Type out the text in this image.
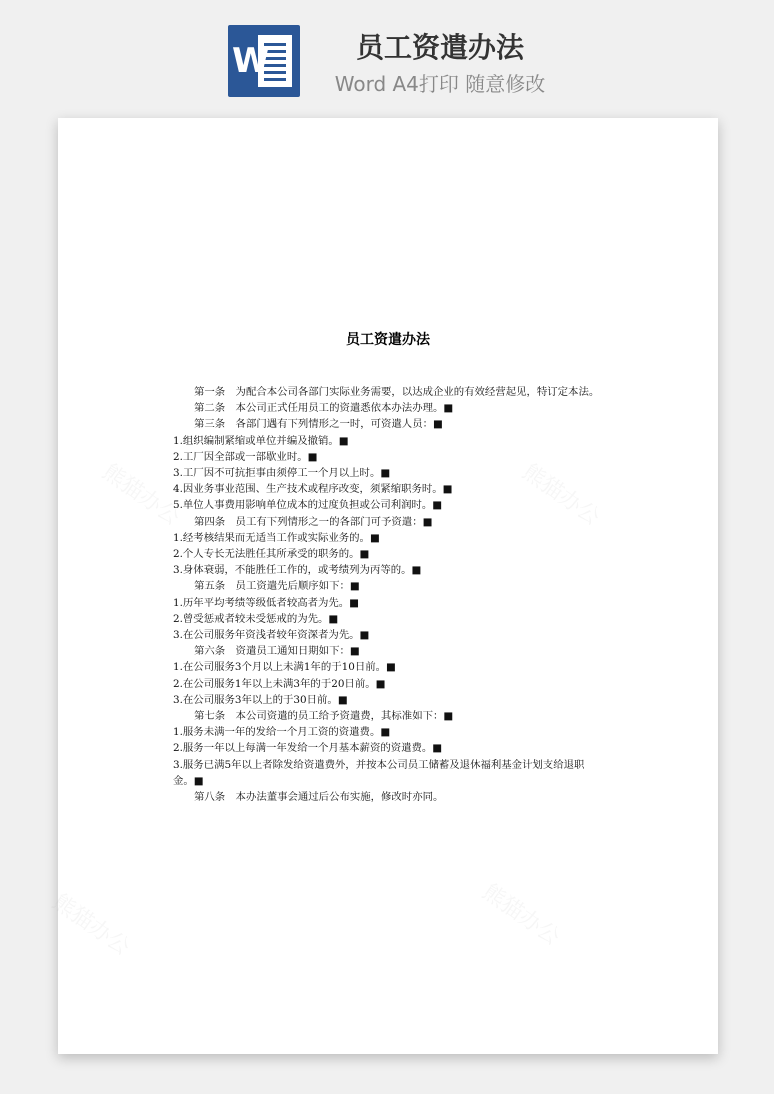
W	员工资遣办法
Word A4打印 随意修改
熊猫办公	熊猫办公
熊猫办公	熊猫办公
员工资遣办法

第一条　为配合本公司各部门实际业务需要，以达成企业的有效经营起见，特订定本法。

第二条　本公司正式任用员工的资遣悉依本办法办理。■

第三条　各部门遇有下列情形之一时，可资遣人员：■

1.组织编制紧缩或单位并编及撤销。■

2.工厂因全部或一部歇业时。■

3.工厂因不可抗拒事由须停工一个月以上时。■

4.因业务事业范围、生产技术或程序改变，须紧缩职务时。■

5.单位人事费用影响单位成本的过度负担或公司利润时。■

第四条　员工有下列情形之一的各部门可予资遣：■

1.经考核结果而无适当工作或实际业务的。■

2.个人专长无法胜任其所承受的职务的。■

3.身体衰弱，不能胜任工作的，或考绩列为丙等的。■

第五条　员工资遣先后顺序如下：■

1.历年平均考绩等级低者较高者为先。■

2.曾受惩戒者较未受惩戒的为先。■

3.在公司服务年资浅者较年资深者为先。■

第六条　资遣员工通知日期如下：■

1.在公司服务3个月以上未满1年的于10日前。■

2.在公司服务1年以上未满3年的于20日前。■

3.在公司服务3年以上的于30日前。■

第七条　本公司资遣的员工给予资遣费，其标准如下：■

1.服务未满一年的发给一个月工资的资遣费。■

2.服务一年以上每满一年发给一个月基本薪资的资遣费。■

3.服务已满5年以上者除发给资遣费外，并按本公司员工储蓄及退休福利基金计划支给退职金。■

第八条　本办法董事会通过后公布实施，修改时亦同。
